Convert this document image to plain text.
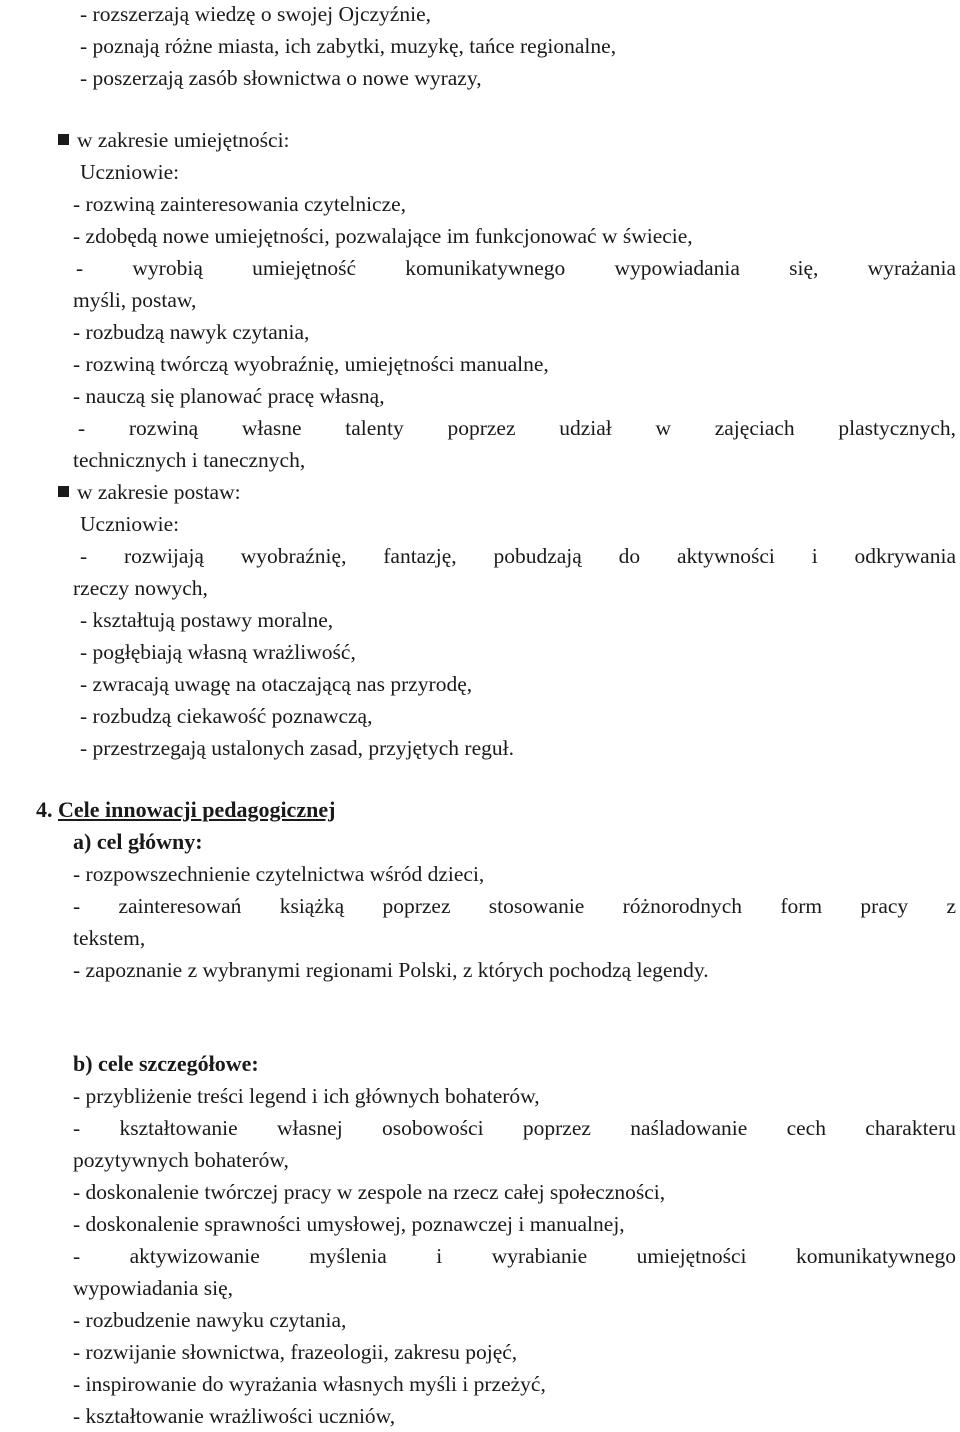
- rozszerzają wiedzę o swojej Ojczyźnie,
- poznają różne miasta, ich zabytki, muzykę, tańce regionalne,
- poszerzają zasób słownictwa o nowe wyrazy,
w zakresie umiejętności:
Uczniowie:
- rozwiną zainteresowania czytelnicze,
- zdobędą nowe umiejętności, pozwalające im funkcjonować w świecie,
- wyrobią umiejętność komunikatywnego wypowiadania się, wyrażania
myśli, postaw,
- rozbudzą nawyk czytania,
- rozwiną twórczą wyobraźnię, umiejętności manualne,
- nauczą się planować pracę własną,
- rozwiną własne talenty poprzez udział w zajęciach plastycznych,
technicznych i tanecznych,
w zakresie postaw:
Uczniowie:
- rozwijają wyobraźnię, fantazję, pobudzają do aktywności i odkrywania
rzeczy nowych,
- kształtują postawy moralne,
- pogłębiają własną wrażliwość,
- zwracają uwagę na otaczającą nas przyrodę,
- rozbudzą ciekawość poznawczą,
- przestrzegają ustalonych zasad, przyjętych reguł.
4. Cele innowacji pedagogicznej
a) cel główny:
- rozpowszechnienie czytelnictwa wśród dzieci,
- zainteresowań książką poprzez stosowanie różnorodnych form pracy z
tekstem,
- zapoznanie z wybranymi regionami Polski, z których pochodzą legendy.
b) cele szczegółowe:
- przybliżenie treści legend i ich głównych bohaterów,
- kształtowanie własnej osobowości poprzez naśladowanie cech charakteru
pozytywnych bohaterów,
- doskonalenie twórczej pracy w zespole na rzecz całej społeczności,
- doskonalenie sprawności umysłowej, poznawczej i manualnej,
- aktywizowanie myślenia i wyrabianie umiejętności komunikatywnego
wypowiadania się,
- rozbudzenie nawyku czytania,
- rozwijanie słownictwa, frazeologii, zakresu pojęć,
- inspirowanie do wyrażania własnych myśli i przeżyć,
- kształtowanie wrażliwości uczniów,
